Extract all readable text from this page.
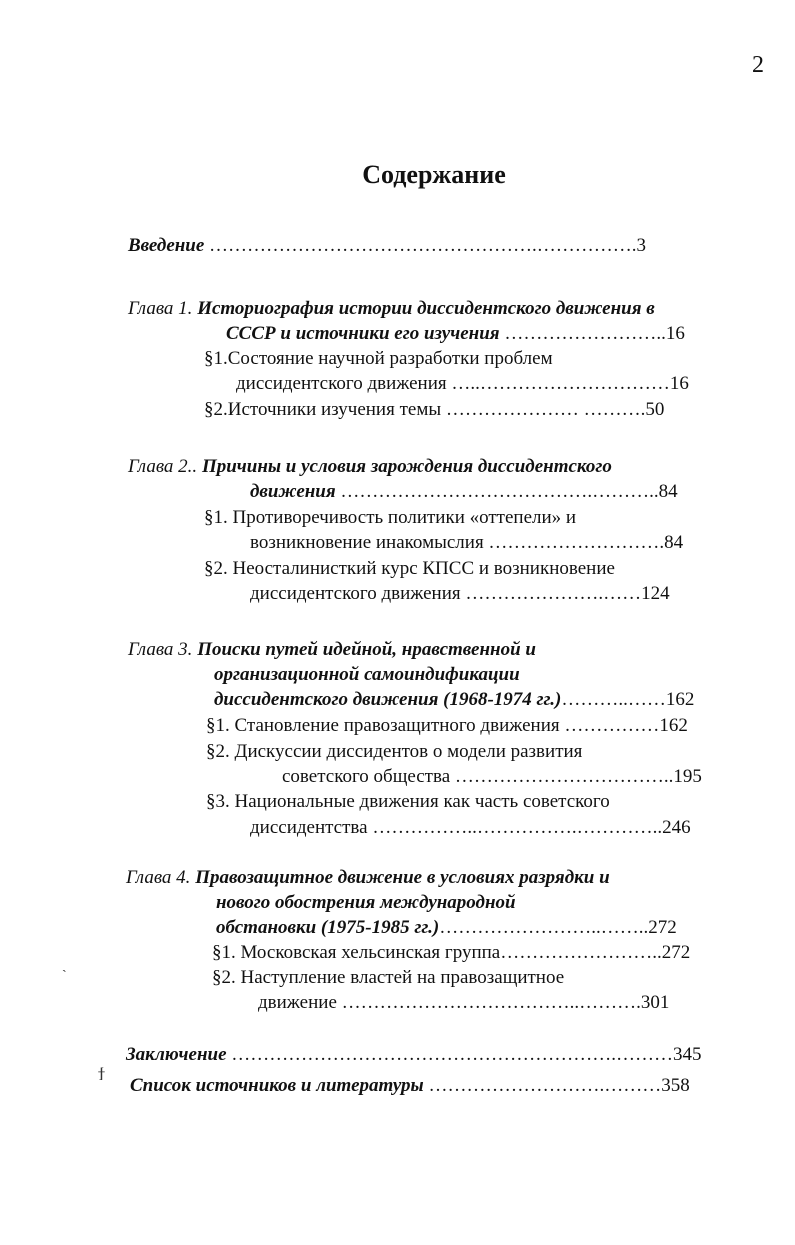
2
Содержание
Введение …………………………………………….…………….3
Глава 1. Историография истории диссидентского движения в
СССР и источники его изучения ……………………..16
§1.Состояние научной разработки проблем
диссидентского движения …..…………………………16
§2.Источники изучения темы ………………… ……….50
Глава 2.. Причины и условия зарождения диссидентского
движения ………………………………….………..84
§1. Противоречивость политики «оттепели» и
возникновение инакомыслия ……………………….84
§2. Неосталинисткий курс КПСС и возникновение
диссидентского движения ………………….……124
Глава 3. Поиски путей идейной, нравственной и
организационной самоиндификации
диссидентского движения (1968-1974 гг.)………..……162
§1. Становление правозащитного движения ……………162
§2. Дискуссии диссидентов о модели развития
советского общества ……………………………..195
§3. Национальные движения как часть советского
диссидентства ……………..…………….…………..246
Глава 4. Правозащитное движение в условиях разрядки и
нового обострения международной
обстановки (1975-1985 гг.)……………………..……..272
§1. Московская хельсинская группа……………………..272
§2. Наступление властей на правозащитное
движение ………………………………..……….301
Заключение …………………………………………………….………345
Список источников и литературы ……………………….………358
ˏ
ϯ
